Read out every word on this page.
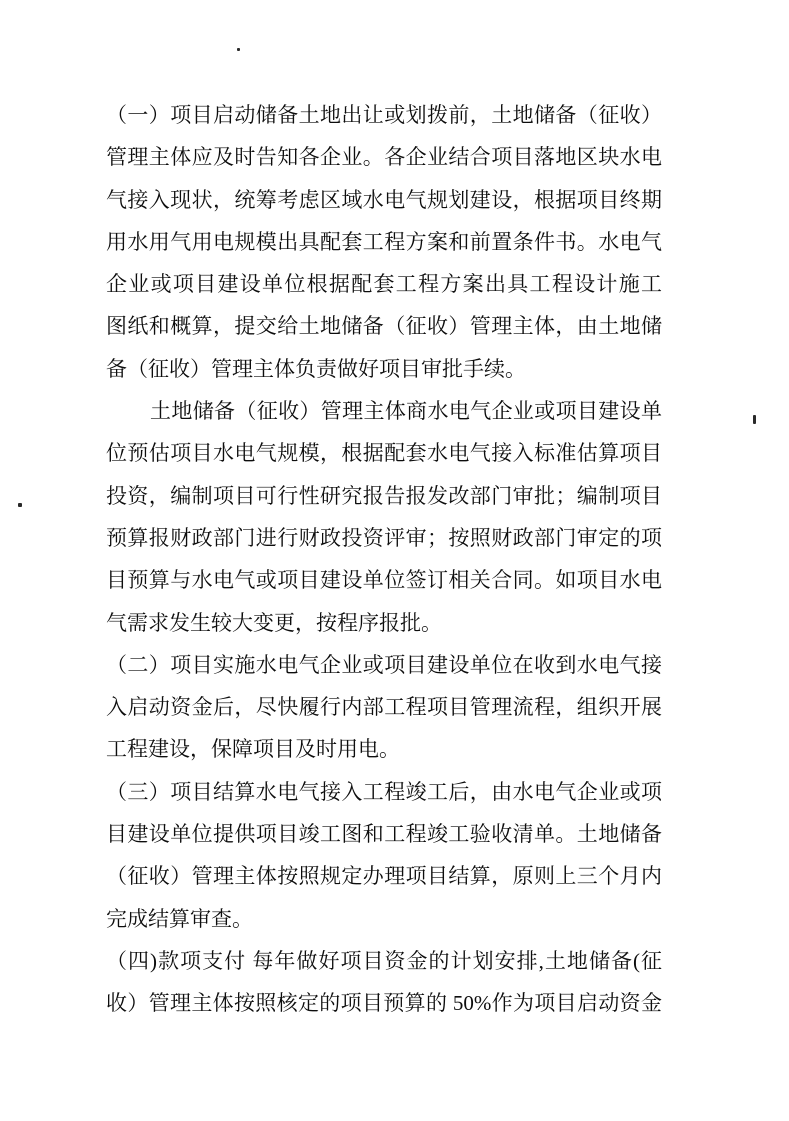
（一）项目启动储备土地出让或划拨前，土地储备（征收）
管理主体应及时告知各企业。各企业结合项目落地区块水电
气接入现状，统筹考虑区域水电气规划建设，根据项目终期
用水用气用电规模出具配套工程方案和前置条件书。水电气
企业或项目建设单位根据配套工程方案出具工程设计施工
图纸和概算，提交给土地储备（征收）管理主体，由土地储
备（征收）管理主体负责做好项目审批手续。
土地储备（征收）管理主体商水电气企业或项目建设单
位预估项目水电气规模，根据配套水电气接入标准估算项目
投资，编制项目可行性研究报告报发改部门审批；编制项目
预算报财政部门进行财政投资评审；按照财政部门审定的项
目预算与水电气或项目建设单位签订相关合同。如项目水电
气需求发生较大变更，按程序报批。
（二）项目实施水电气企业或项目建设单位在收到水电气接
入启动资金后，尽快履行内部工程项目管理流程，组织开展
工程建设，保障项目及时用电。
（三）项目结算水电气接入工程竣工后，由水电气企业或项
目建设单位提供项目竣工图和工程竣工验收清单。土地储备
（征收）管理主体按照规定办理项目结算，原则上三个月内
完成结算审查。
（四)款项支付 每年做好项目资金的计划安排,土地储备(征
收）管理主体按照核定的项目预算的 50%作为项目启动资金
